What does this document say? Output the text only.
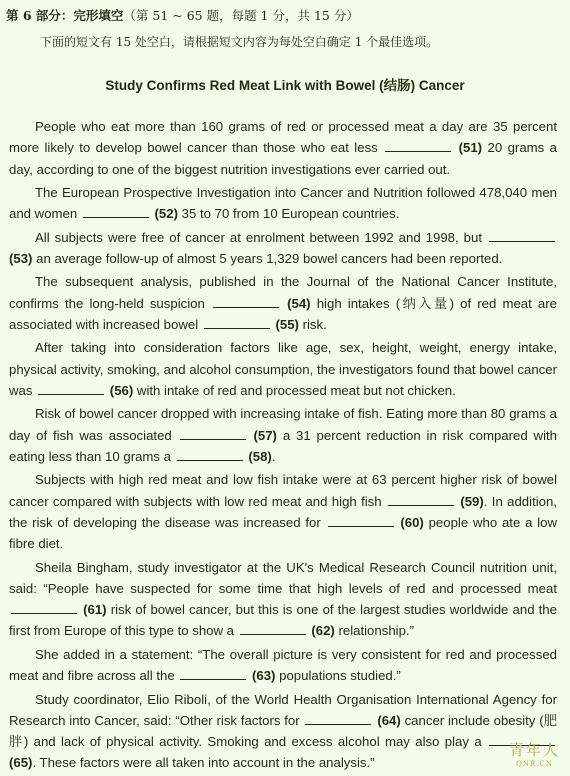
第 6 部分：完形填空（第 51 ~ 65 题，每题 1 分，共 15 分）
下面的短文有 15 处空白，请根据短文内容为每处空白确定 1 个最佳选项。
Study Confirms Red Meat Link with Bowel (结肠) Cancer

People who eat more than 160 grams of red or processed meat a day are 35 percent more likely to develop bowel cancer than those who eat less	(51) 20 grams a day, according to one of the biggest nutrition investigations ever carried out.

The European Prospective Investigation into Cancer and Nutrition followed 478,040 men and women	(52) 35 to 70 from 10 European countries.

All subjects were free of cancer at enrolment between 1992 and 1998, but  (53) an average follow-up of almost 5 years 1,329 bowel cancers had been reported.

The subsequent analysis, published in the Journal of the National Cancer Institute, confirms the long-held suspicion	(54) high intakes (纳入量) of red meat are associated with increased bowel	(55) risk.

After taking into consideration factors like age, sex, height, weight, energy intake, physical activity, smoking, and alcohol consumption, the investigators found that bowel cancer was	(56) with intake of red and processed meat but not chicken.

Risk of bowel cancer dropped with increasing intake of fish. Eating more than 80 grams a day of fish was associated	(57) a 31 percent reduction in risk compared with eating less than 10 grams a	(58).

Subjects with high red meat and low fish intake were at 63 percent higher risk of bowel cancer compared with subjects with low red meat and high fish	(59). In addition, the risk of developing the disease was increased for	(60) people who ate a low fibre diet.

Sheila Bingham, study investigator at the UK's Medical Research Council nutrition unit, said: “People have suspected for some time that high levels of red and processed meat  (61) risk of bowel cancer, but this is one of the largest studies worldwide and the first from Europe of this type to show a	(62) relationship.”

She added in a statement: “The overall picture is very consistent for red and processed meat and fibre across all the	(63) populations studied.”

Study coordinator, Elio Riboli, of the World Health Organisation International Agency for Research into Cancer, said: “Other risk factors for	(64) cancer include obesity (肥胖) and lack of physical activity. Smoking and excess alcohol may also play a  (65). These factors were all taken into account in the analysis.”

青年人
QNR.CN
